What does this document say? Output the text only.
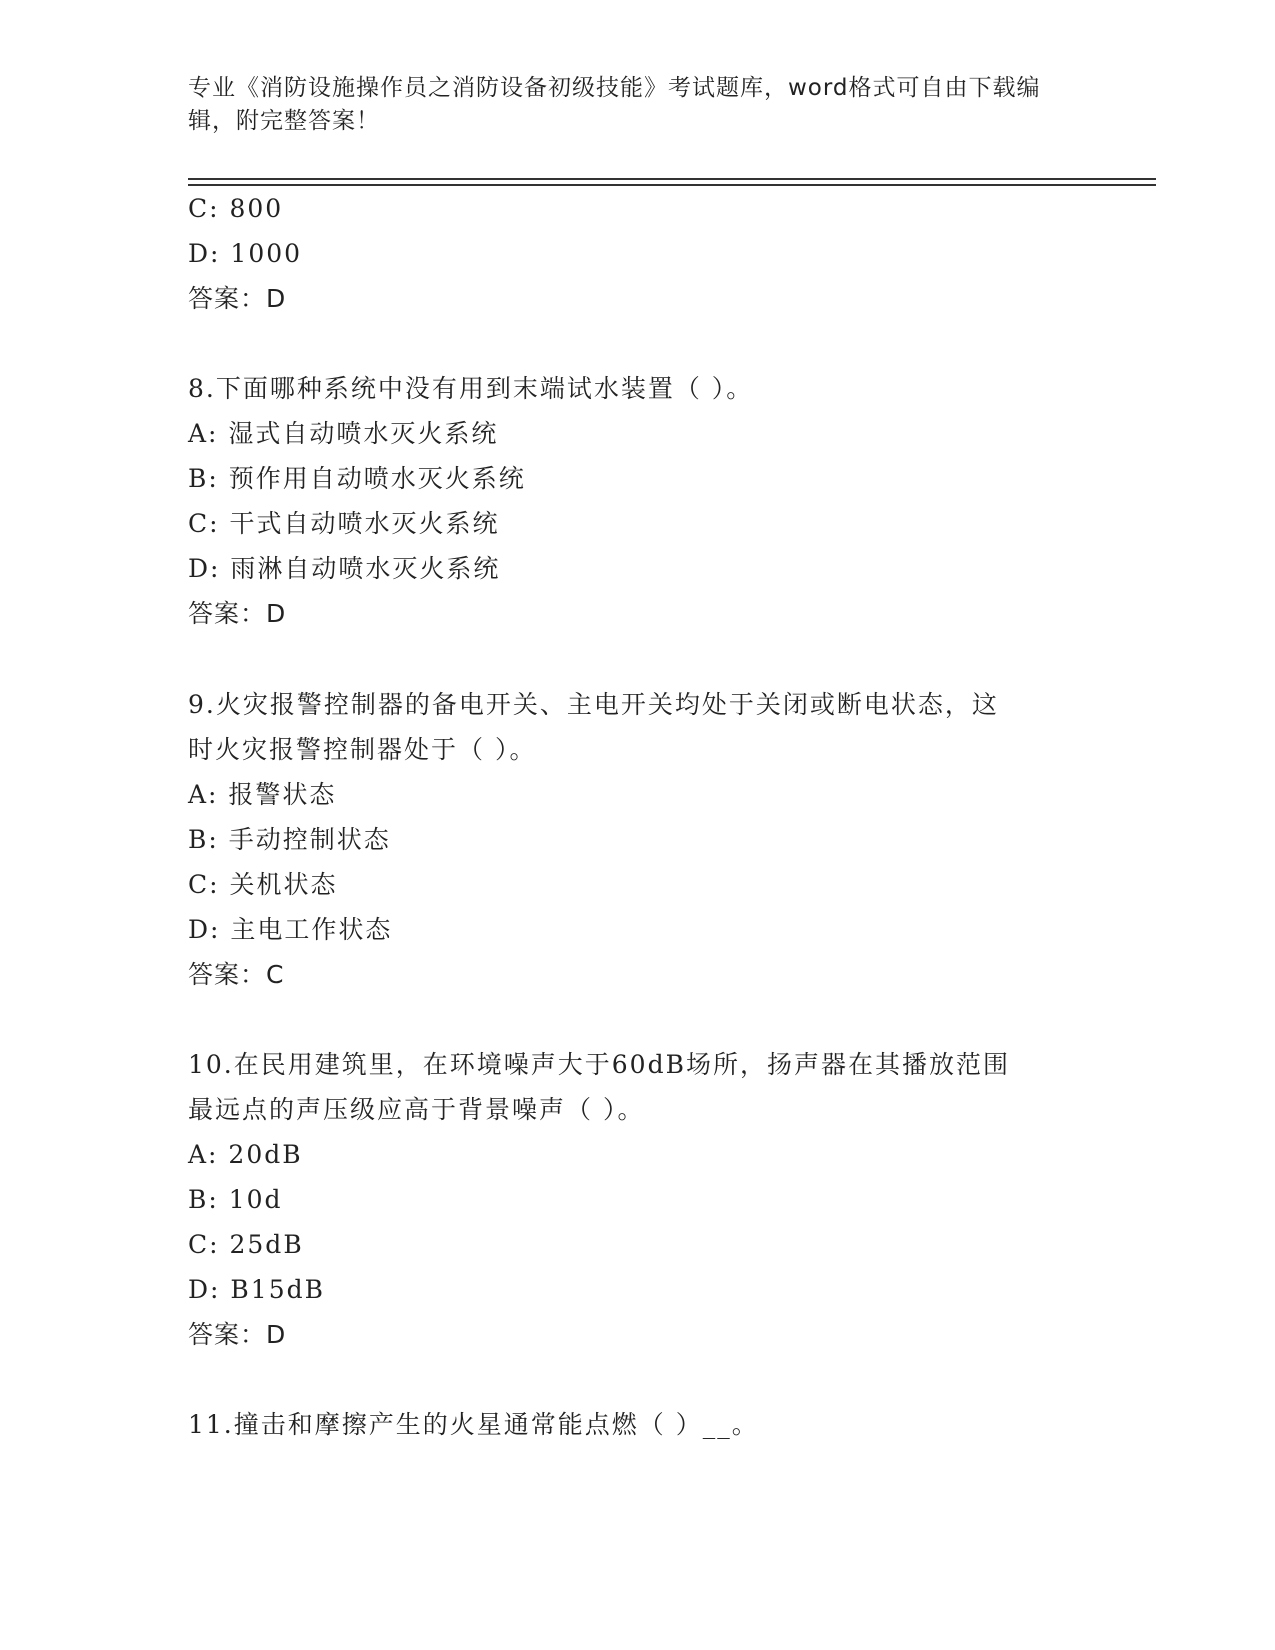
专业《消防设施操作员之消防设备初级技能》考试题库，word格式可自由下载编
辑，附完整答案！
C: 800
D: 1000
答案：D
8.下面哪种系统中没有用到末端试水装置（ ）。
A: 湿式自动喷水灭火系统
B: 预作用自动喷水灭火系统
C: 干式自动喷水灭火系统
D: 雨淋自动喷水灭火系统
答案：D
9.火灾报警控制器的备电开关、主电开关均处于关闭或断电状态，这
时火灾报警控制器处于（ ）。
A: 报警状态
B: 手动控制状态
C: 关机状态
D: 主电工作状态
答案：C
10.在民用建筑里，在环境噪声大于60dB场所，扬声器在其播放范围
最远点的声压级应高于背景噪声（ ）。
A: 20dB
B: 10d
C: 25dB
D: B15dB
答案：D
11.撞击和摩擦产生的火星通常能点燃（ ）__。
